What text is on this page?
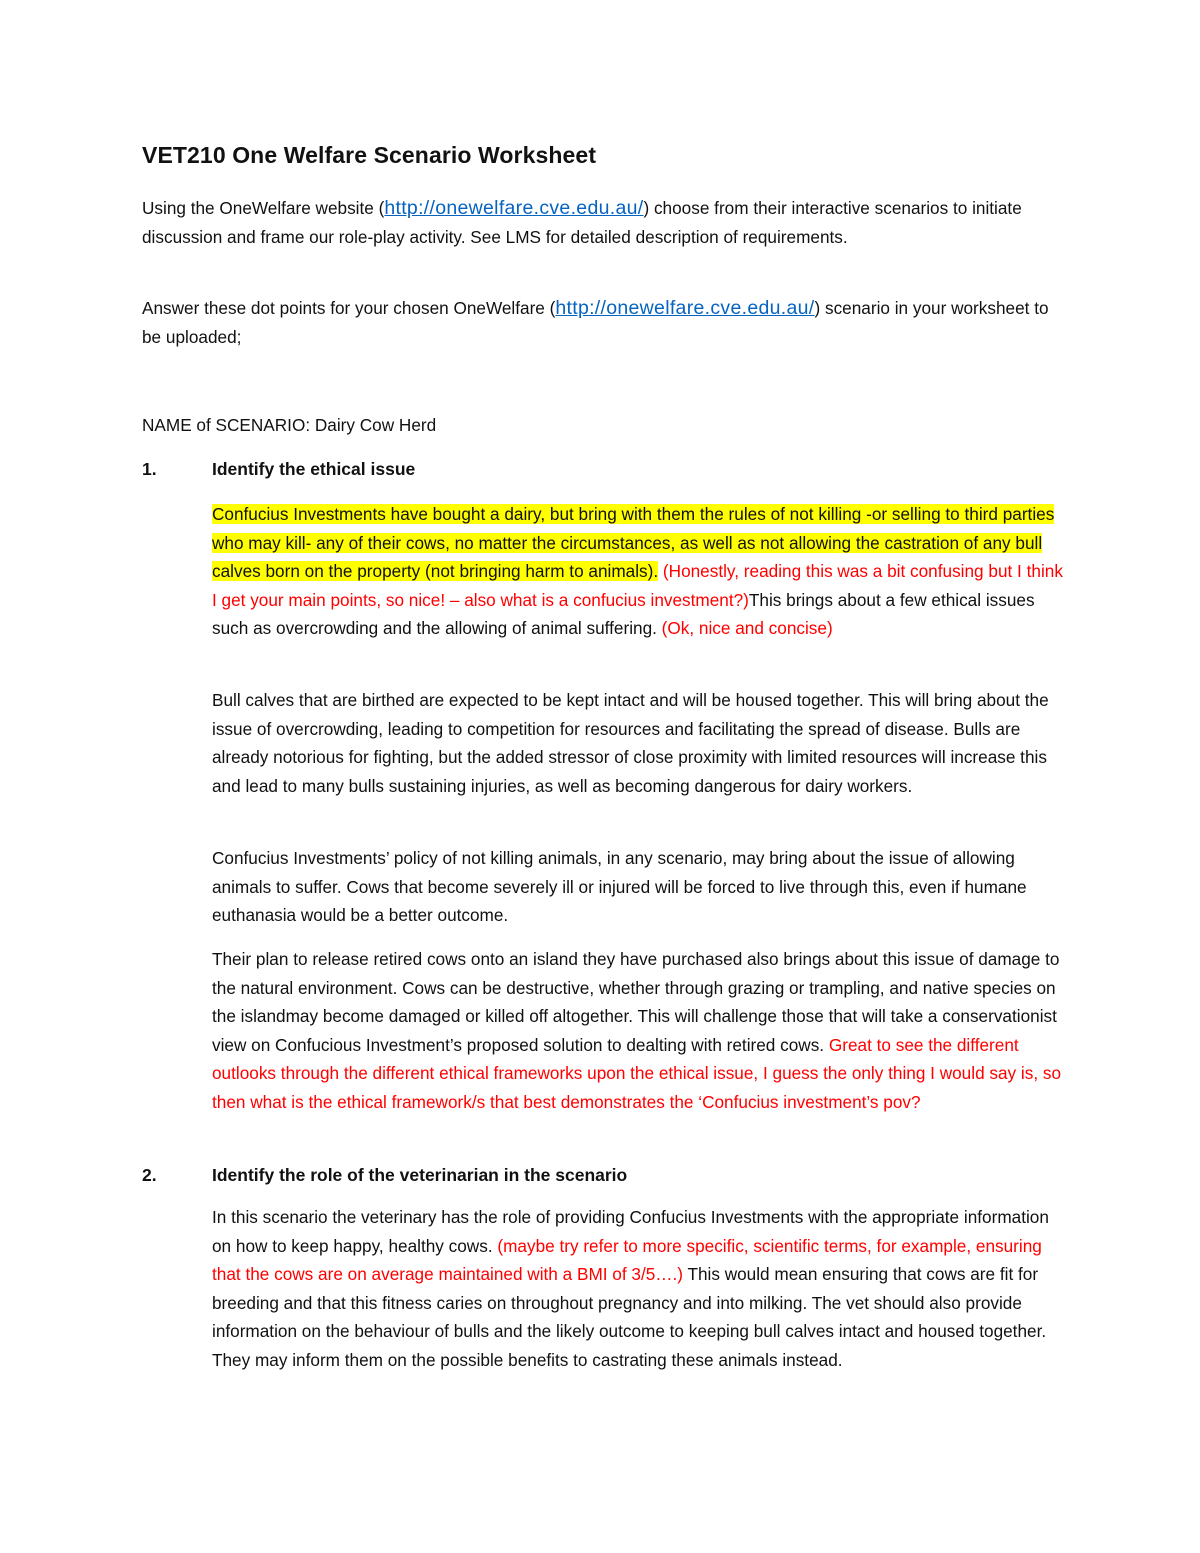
VET210 One Welfare Scenario Worksheet

Using the OneWelfare website (http://onewelfare.cve.edu.au/) choose from their interactive scenarios to initiate discussion and frame our role-play activity. See LMS for detailed description of requirements.

Answer these dot points for your chosen OneWelfare (http://onewelfare.cve.edu.au/) scenario in your worksheet to be uploaded;

NAME of SCENARIO: Dairy Cow Herd

1.	Identify the ethical issue

Confucius Investments have bought a dairy, but bring with them the rules of not killing -or selling to third parties who may kill- any of their cows, no matter the circumstances, as well as not allowing the castration of any bull calves born on the property (not bringing harm to animals). (Honestly, reading this was a bit confusing but I think I get your main points, so nice! – also what is a confucius investment?)This brings about a few ethical issues such as overcrowding and the allowing of animal suffering. (Ok, nice and concise)

Bull calves that are birthed are expected to be kept intact and will be housed together. This will bring about the issue of overcrowding, leading to competition for resources and facilitating the spread of disease. Bulls are already notorious for fighting, but the added stressor of close proximity with limited resources will increase this and lead to many bulls sustaining injuries, as well as becoming dangerous for dairy workers.

Confucius Investments’ policy of not killing animals, in any scenario, may bring about the issue of allowing animals to suffer. Cows that become severely ill or injured will be forced to live through this, even if humane euthanasia would be a better outcome.

Their plan to release retired cows onto an island they have purchased also brings about this issue of damage to the natural environment. Cows can be destructive, whether through grazing or trampling, and native species on the islandmay become damaged or killed off altogether. This will challenge those that will take a conservationist view on Confucious Investment’s proposed solution to dealting with retired cows. Great to see the different outlooks through the different ethical frameworks upon the ethical issue, I guess the only thing I would say is, so then what is the ethical framework/s that best demonstrates the ‘Confucius investment’s pov?

2.	Identify the role of the veterinarian in the scenario

In this scenario the veterinary has the role of providing Confucius Investments with the appropriate information on how to keep happy, healthy cows. (maybe try refer to more specific, scientific terms, for example, ensuring that the cows are on average maintained with a BMI of 3/5….) This would mean ensuring that cows are fit for breeding and that this fitness caries on throughout pregnancy and into milking. The vet should also provide information on the behaviour of bulls and the likely outcome to keeping bull calves intact and housed together. They may inform them on the possible benefits to castrating these animals instead.
